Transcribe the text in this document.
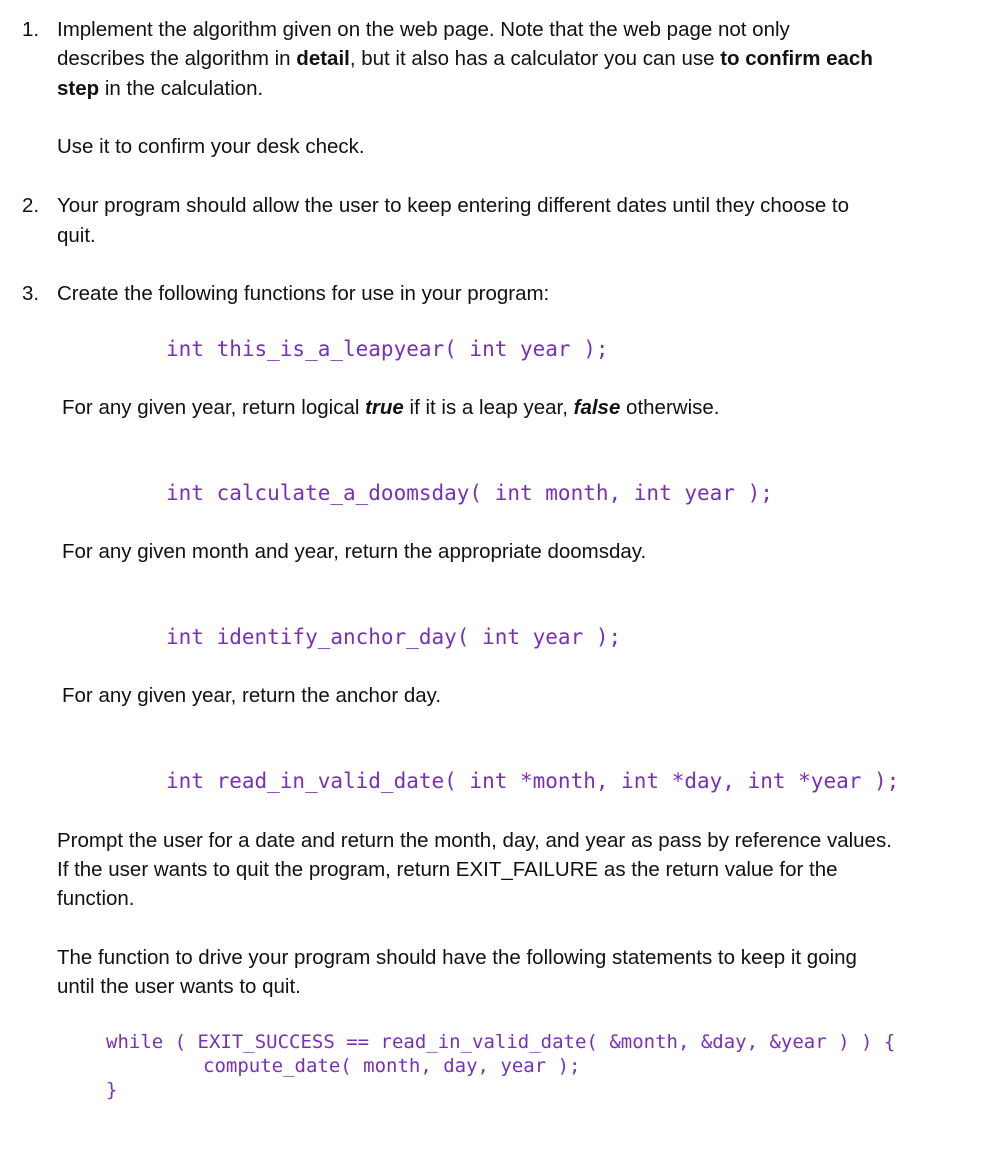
1. Implement the algorithm given on the web page. Note that the web page not only
describes the algorithm in detail, but it also has a calculator you can use to confirm each
step in the calculation.
Use it to confirm your desk check.
2. Your program should allow the user to keep entering different dates until they choose to
quit.
3. Create the following functions for use in your program:
int this_is_a_leapyear( int year );
For any given year, return logical true if it is a leap year, false otherwise.
int calculate_a_doomsday( int month, int year );
For any given month and year, return the appropriate doomsday.
int identify_anchor_day( int year );
For any given year, return the anchor day.
int read_in_valid_date( int *month, int *day, int *year );
Prompt the user for a date and return the month, day, and year as pass by reference values.
If the user wants to quit the program, return EXIT_FAILURE as the return value for the
function.
The function to drive your program should have the following statements to keep it going
until the user wants to quit.
while ( EXIT_SUCCESS == read_in_valid_date( &month, &day, &year ) ) {
compute_date( month, day, year );
}
